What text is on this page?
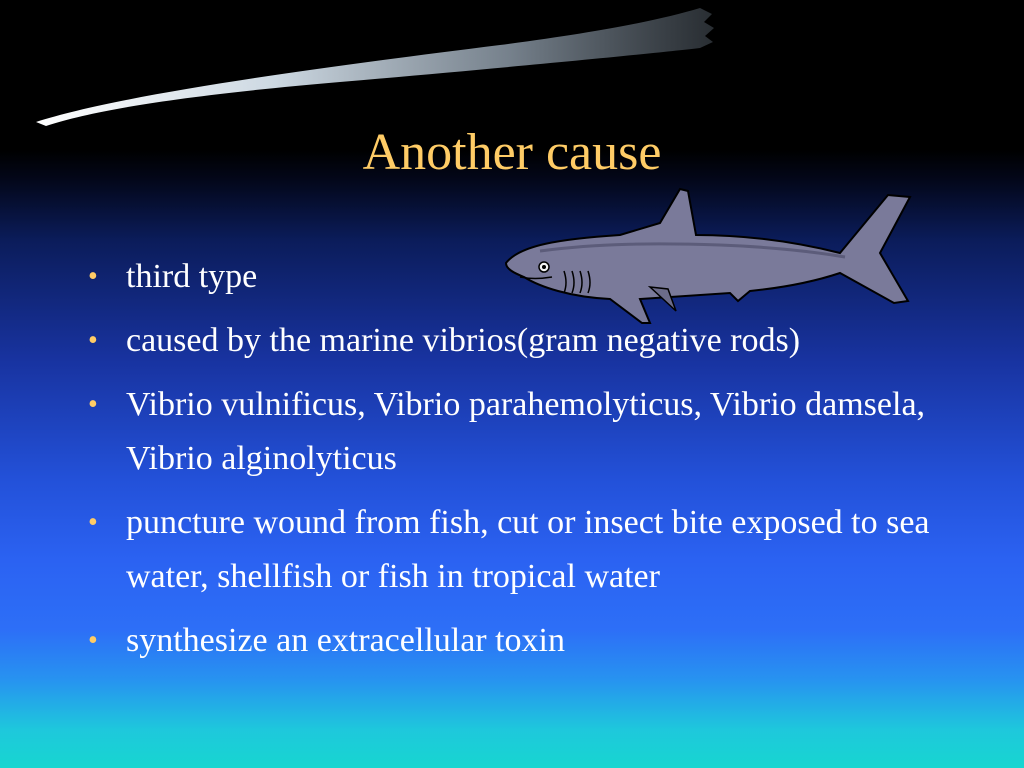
Another cause
• third type
• caused by the marine vibrios(gram negative rods)
• Vibrio vulnificus, Vibrio parahemolyticus, Vibrio damsela, Vibrio alginolyticus
• puncture wound from fish, cut or insect bite exposed to sea water, shellfish or fish in tropical water
• synthesize an extracellular toxin
